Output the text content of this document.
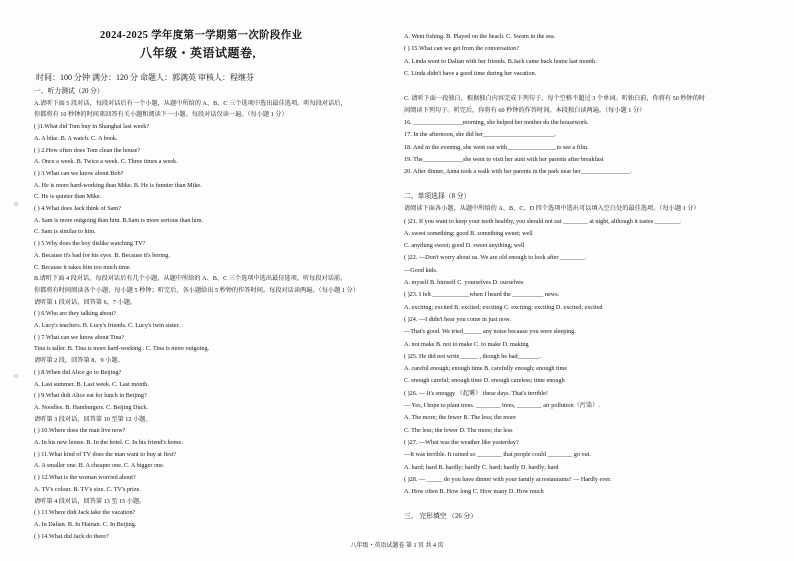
2024-2025 学年度第一学期第一次阶段作业
八年级・英语试题卷,
时间：100 分钟 满分：120 分 命题人：郭满英 审核人：程继芬
一、听力测试（20 分）
A.请听下面 5 段对话，每段对话后有一个小题，从题中所给的 A、B、C 三个选项中选出最佳选项。听每段对话后，
你都将有 10 秒钟的时间来回答有关小题和阅读下一小题。每段对话仅读一遍。（每小题 1 分）
( )1.What did Tom buy in Shanghai last week?
A. A bike. B. A watch. C. A book.
( ) 2.How often does Tom clean the house?
A. Once a week. B. Twice a week. C. Three times a week.
( ) 3.What can we know about Bob?
A. He is more hard-working than Mike. B. He is funnier than Mike.
C. He is quieter than Mike.
( ) 4.What does Jack think of Sam?
A. Sam is more outgoing than him. B.Sam is more serious than him.
C. Sam is similar to him.
( ) 5.Why does the boy dislike watching TV?
A. Because it's bad for his eyes. B. Because it's boring.
C. Because it takes him too much time.
B.请听下面 4 段对话，每段对话后有几个小题，从题中所给的 A、B、C 三个选项中选出最佳选项。听每段对话前，
你都将有时间阅读各个小题，每小题 5 秒钟；听完后，各小题给出 5 秒钟的作答时间。每段对话读两遍。（每小题 1 分）
请听第 1 段对话，回答第 6、7 小题。
( ) 6.Who are they talking about?
A. Lucy's teachers. B. Lucy's friends. C. Lucy's twin sister.
( ) 7.What can we know about Tina?
Tina is taller. B. Tina is more hard-working . C. Tina is more outgoing.
请听第 2 段，回答第 8、9 小题。
( ) 8.When did Alice go to Beijing?
A. Last summer. B. Last week. C. Last month.
( ) 9.What didi Alice eat for lunch in Beijing?
A. Noodles. B. Hamburgers. C. Beijing Duck.
请听第 3 段对话，回答第 10 至第 12 小题。
( ) 10.Where does the man live now?
A. In his new house. B. In the hotel. C. In his friend's home.
( ) 11.What kind of TV does the man want to buy at first?
A. A smaller one. B. A cheaper one. C. A bigger one.
( ) 12.What is the woman worried about?
A. TV's colour. B. TV's size. C. TV's prize.
请听第 4 段对话，回答第 13 至 15 小题。
( ) 13.Where didi Jack take the vacation?
A. In Dalian. B. In Hainan. C. In Beijing.
( ) 14.What did Jack do there?
A. Went fishing. B. Played on the beach. C. Swam in the sea.
( ) 15.What can we get from the conversation?
A. Linda went to Dalian with her friends. B.Jack came back home last month.
C. Linda didn't have a good time during her vacation.
C. 请听下面一段独白，根据独白内容完成下列句子，每个空格不超过 3 个单词。听独白前，你将有 50 秒钟的时
间阅读下列句子。听完后，你将有 60 秒钟的作答时间。本段独白读两遍。（每小题 1 分）
16. ________________morning, she helped her mother do the housework.
17. In the afternoon, she did her_______________________.
18. And in the evening, she went out with________________to see a film.
19. The_____________she went to visit her aunt with her parents after breakfast
20. After dinner, Anna took a walk with her parents in the park near her________________.
二、单项选择（8 分）
请阅读下面各小题，从题中所给的 A、B、C、D 四个选项中选出可以填入空白处的最佳选项。（每小题 1 分）
( )21. If you want to keep your teeth healthy, you should not eat ________ at night, although it tastes ________.
A. sweet something; good B. something sweet; well
C. anything sweet; good D. sweet anything; well
( )22. —Don't worry about us. We are old enough to look after ________.
—Good kids.
A. myself B. himself C. yourselves D. ourselves
( )23. I felt ____________when I heard the __________ news.
A. exciting; excited B. excited; exciting C. exciting; exciting D. excited; excited
( )24. —I didn't hear you come in just now.
—That's good. We tried______ any noise because you were sleeping.
A. not make B. not to make C. to make D. making
( )25. He did not write______ , though he had_______.
A. careful enough; enough time B. carefully enough; enough time
C. enough careful; enough time D. enough careless; time enough
( )26. — It's smoggy （起雾） these days. That's terrible!
— Yes, I hope to plant trees. ________ trees, ________ air pollution（污染）.
A. The more; the fewer B. The less; the more
C. The less; the fewer D. The more; the less
( )27. —What was the weather like yesterday?
—It was terrible. It rained so ________ that people could ________ go out.
A. hard; hard B. hardly; hardly C. hard; hardly D. hardly; hard
( )28. — _____ do you have dinner with your family at restaurants? — Hardly ever.
A. How often B. How long C. How many D. How much
三、 完形填空 （26 分）
○
○
八年级・英语试题卷 第 1 页 共 4 页
